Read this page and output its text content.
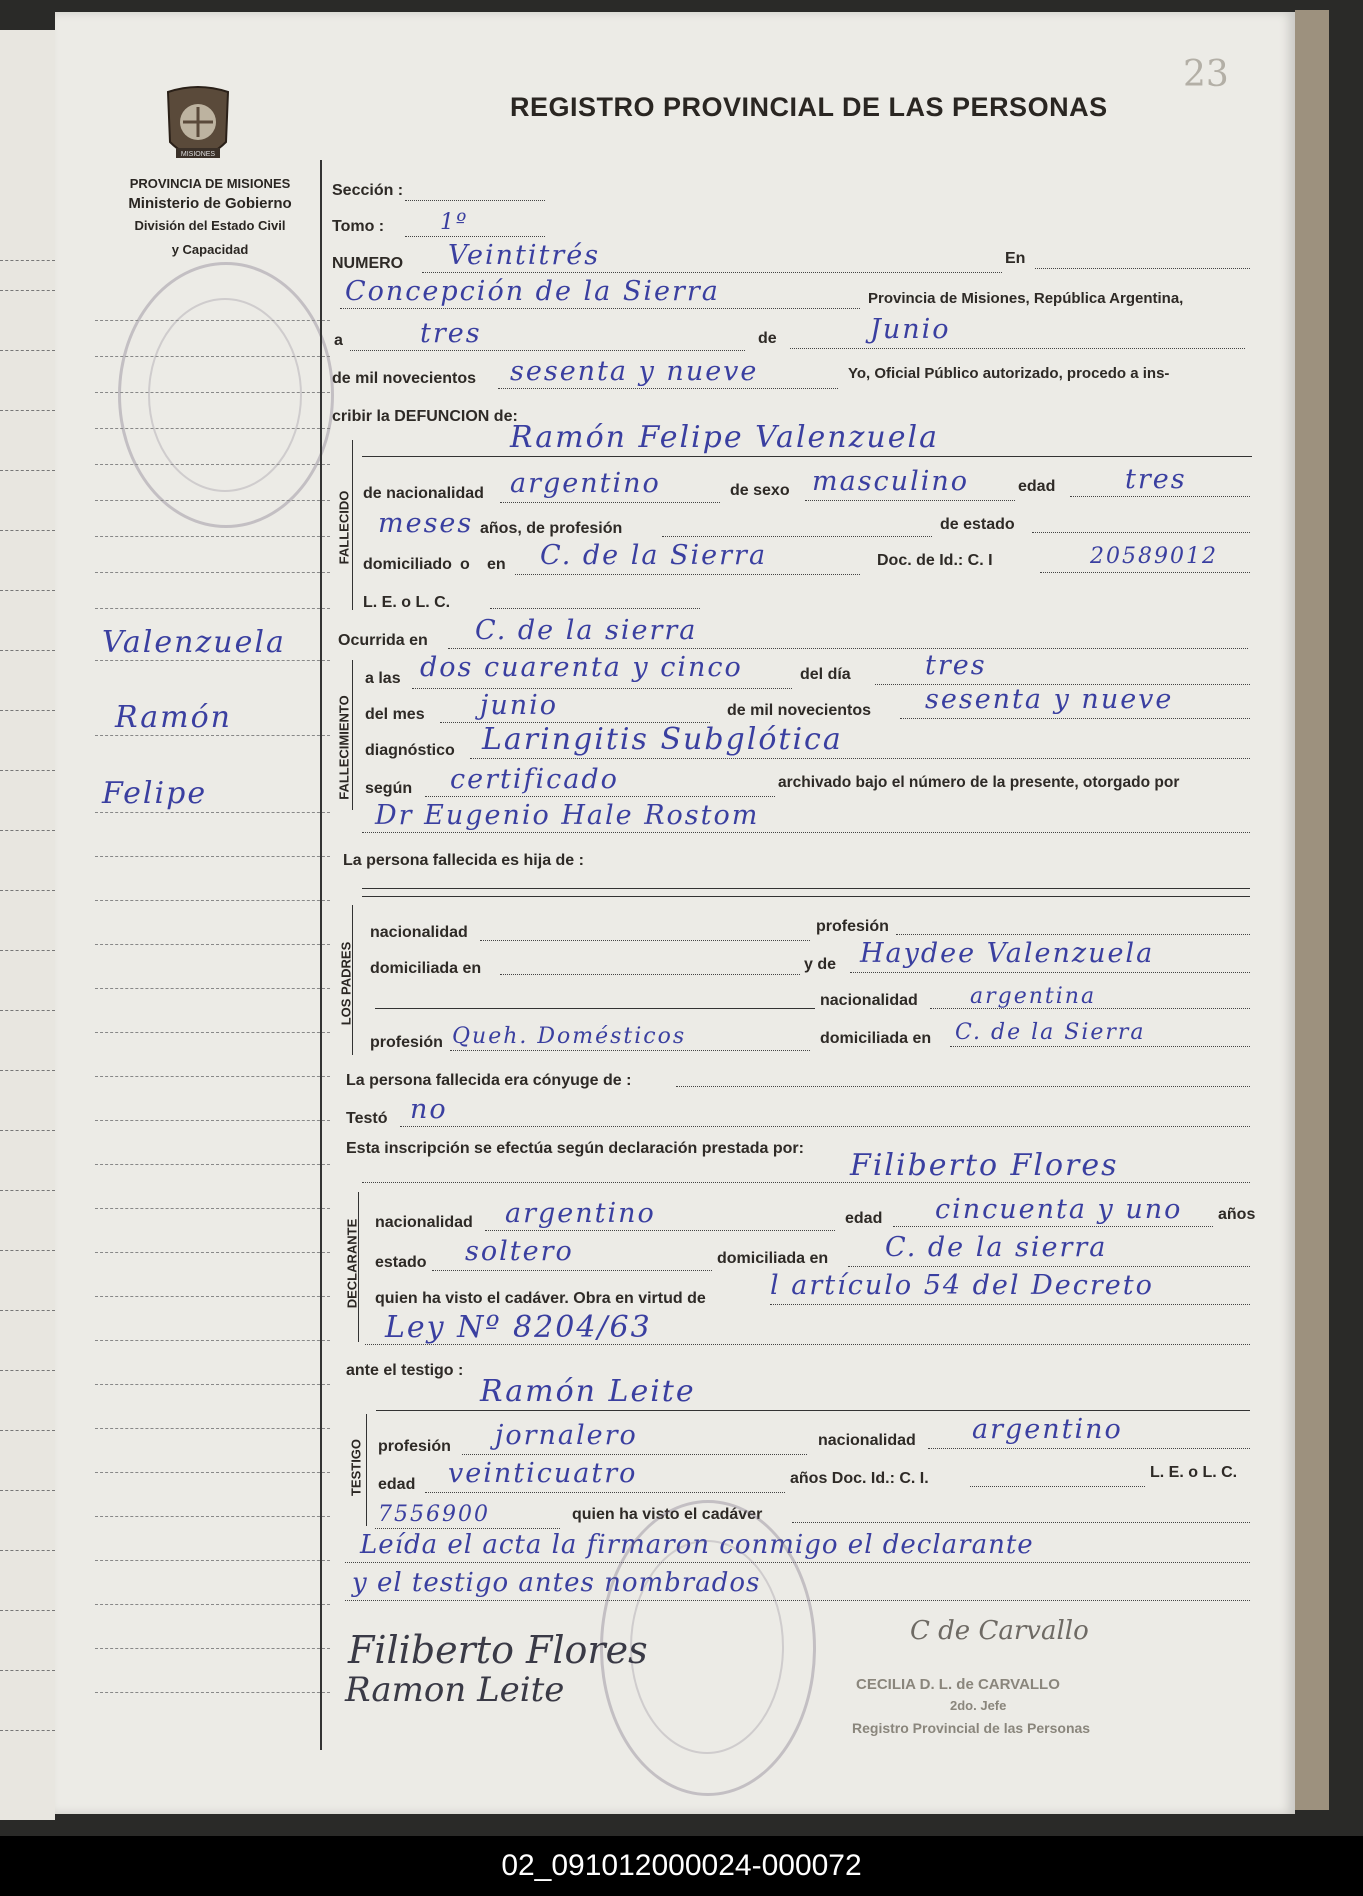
REGISTRO PROVINCIAL DE LAS PERSONAS
23
MISIONES
PROVINCIA DE MISIONES
Ministerio de Gobierno
División del Estado Civil
y Capacidad
Valenzuela
Ramón
Felipe
Sección :
Tomo :	1º
NUMERO Veintitrés	En
Concepción de la Sierra	Provincia de Misiones, República Argentina,
a	tres	de	Junio
de mil novecientos sesenta y nueve	Yo, Oficial Público autorizado, procedo a ins-
cribir la DEFUNCION de:
FALLECIDO
Ramón Felipe Valenzuela
de nacionalidad argentino	de sexo masculino	edad	tres
meses años, de profesión	de estado
domiciliado o en C. de la Sierra	Doc. de Id.: C. I	20589012
L. E. o L. C.
Ocurrida en C. de la sierra
FALLECIMIENTO
a las dos cuarenta y cinco	del día	tres
del mes junio	de mil novecientos sesenta y nueve
diagnóstico Laringitis Subglótica
según certificado	archivado bajo el número de la presente, otorgado por
Dr Eugenio Hale Rostom
La persona fallecida es hija de :
LOS PADRES
nacionalidad	profesión
domiciliada en	y de Haydee Valenzuela
nacionalidad argentina
profesión Queh. Domésticos	domiciliada en C. de la Sierra
La persona fallecida era cónyuge de :
Testó no
Esta inscripción se efectúa según declaración prestada por: Filiberto Flores
DECLARANTE nacionalidad argentino	edad cincuenta y uno años
estado soltero	domiciliada en C. de la sierra
quien ha visto el cadáver. Obra en virtud de l artículo 54 del Decreto
Ley Nº 8204/63
ante el testigo :
Ramón Leite
TESTIGO profesión jornalero	nacionalidad argentino
edad veinticuatro	años Doc. Id.: C. I.	L. E. o L. C.
7556900	quien ha visto el cadáver
Leída el acta la firmaron conmigo el declarante
y el testigo antes nombrados
Filiberto Flores
Ramon Leite
C de Carvallo
CECILIA D. L. de CARVALLO
2do. Jefe
Registro Provincial de las Personas
02_091012000024-000072
